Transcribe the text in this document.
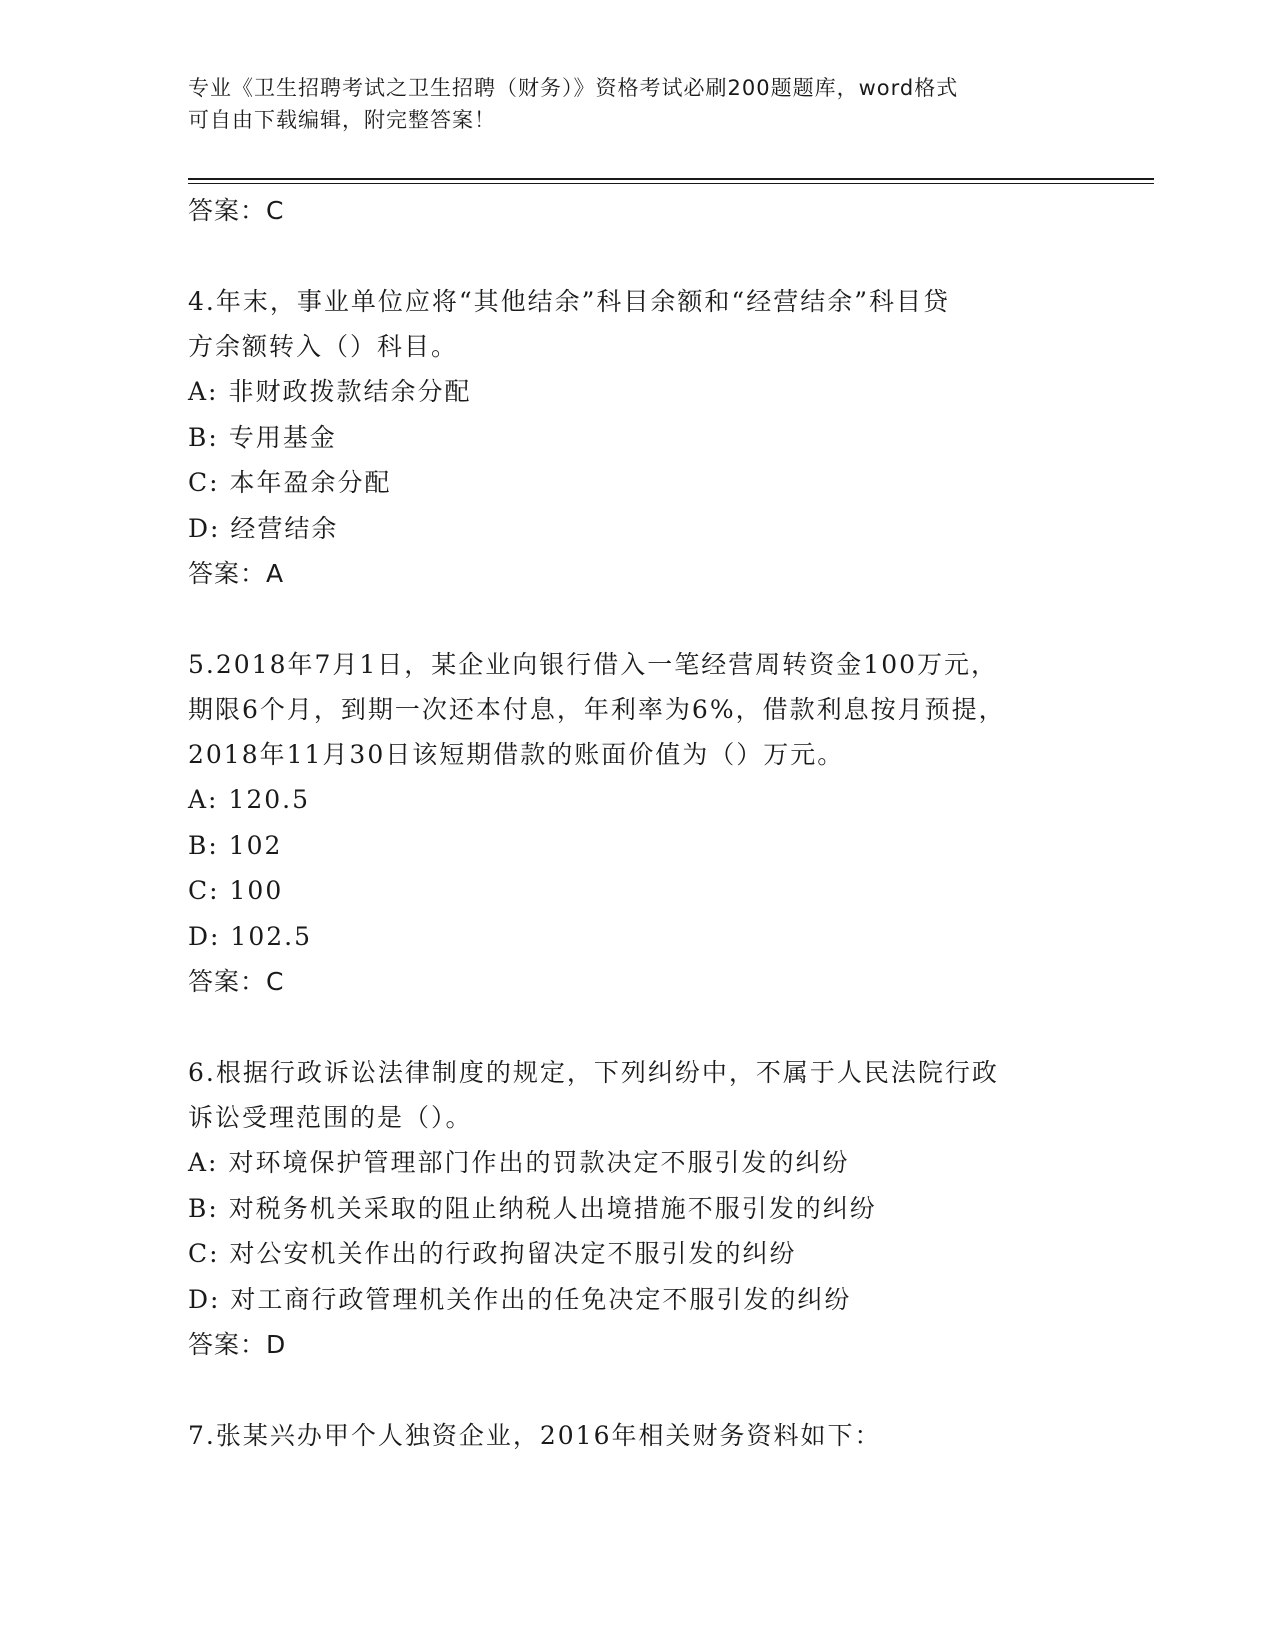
专业《卫生招聘考试之卫生招聘（财务）》资格考试必刷200题题库，word格式
可自由下载编辑，附完整答案！
答案：C
4.年末，事业单位应将“其他结余”科目余额和“经营结余”科目贷
方余额转入（）科目。
A: 非财政拨款结余分配
B: 专用基金
C: 本年盈余分配
D: 经营结余
答案：A
5.2018年7月1日，某企业向银行借入一笔经营周转资金100万元，
期限6个月，到期一次还本付息，年利率为6%，借款利息按月预提，
2018年11月30日该短期借款的账面价值为（）万元。
A: 120.5
B: 102
C: 100
D: 102.5
答案：C
6.根据行政诉讼法律制度的规定，下列纠纷中，不属于人民法院行政
诉讼受理范围的是（）。
A: 对环境保护管理部门作出的罚款决定不服引发的纠纷
B: 对税务机关采取的阻止纳税人出境措施不服引发的纠纷
C: 对公安机关作出的行政拘留决定不服引发的纠纷
D: 对工商行政管理机关作出的任免决定不服引发的纠纷
答案：D
7.张某兴办甲个人独资企业，2016年相关财务资料如下：
